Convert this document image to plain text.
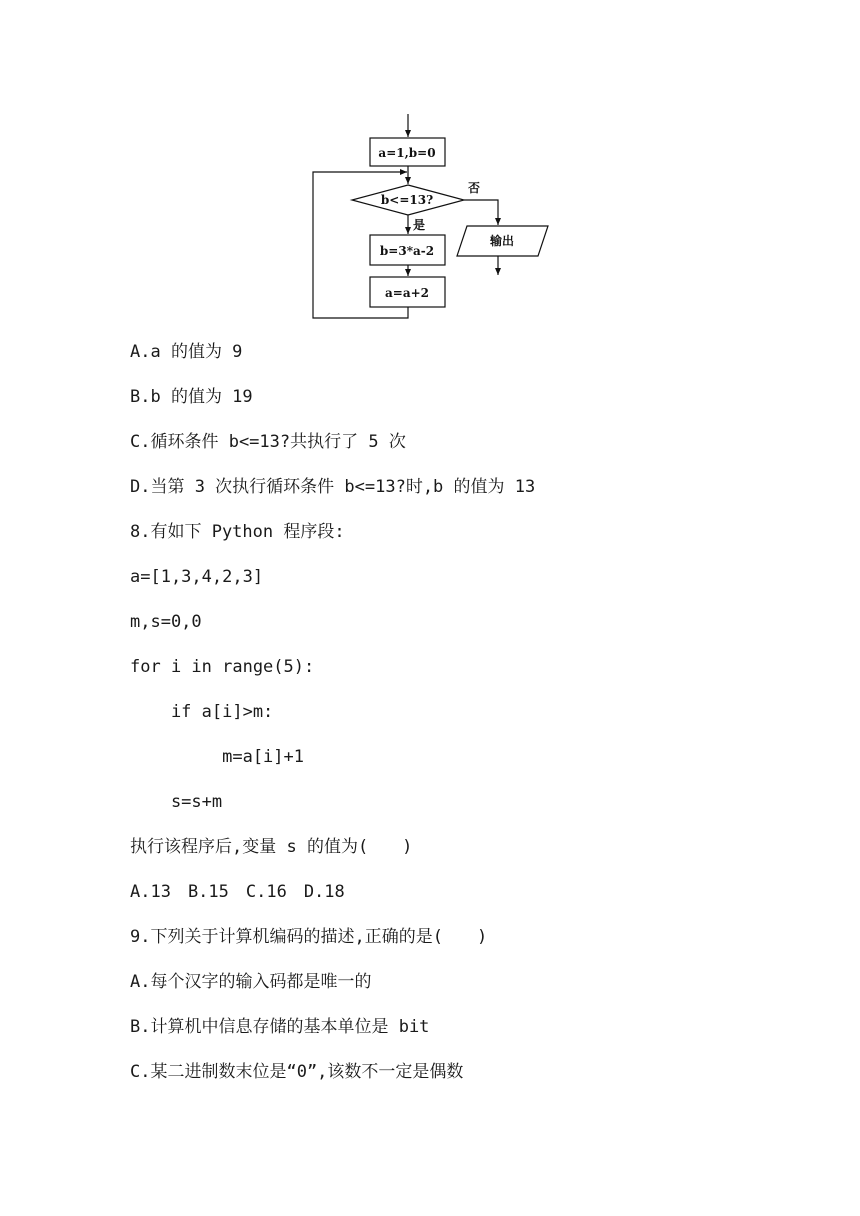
a=1,b=0
b<=13?
否
输出
是
b=3*a-2
a=a+2
A.a 的值为 9
B.b 的值为 19
C.循环条件 b<=13?共执行了 5 次
D.当第 3 次执行循环条件 b<=13?时,b 的值为 13
8.有如下 Python 程序段:
a=[1,3,4,2,3]
m,s=0,0
for i in range(5):
if a[i]>m:
m=a[i]+1
s=s+m
执行该程序后,变量 s 的值为(　　)
A.13　B.15　C.16　D.18
9.下列关于计算机编码的描述,正确的是(　　)
A.每个汉字的输入码都是唯一的
B.计算机中信息存储的基本单位是 bit
C.某二进制数末位是“0”,该数不一定是偶数
